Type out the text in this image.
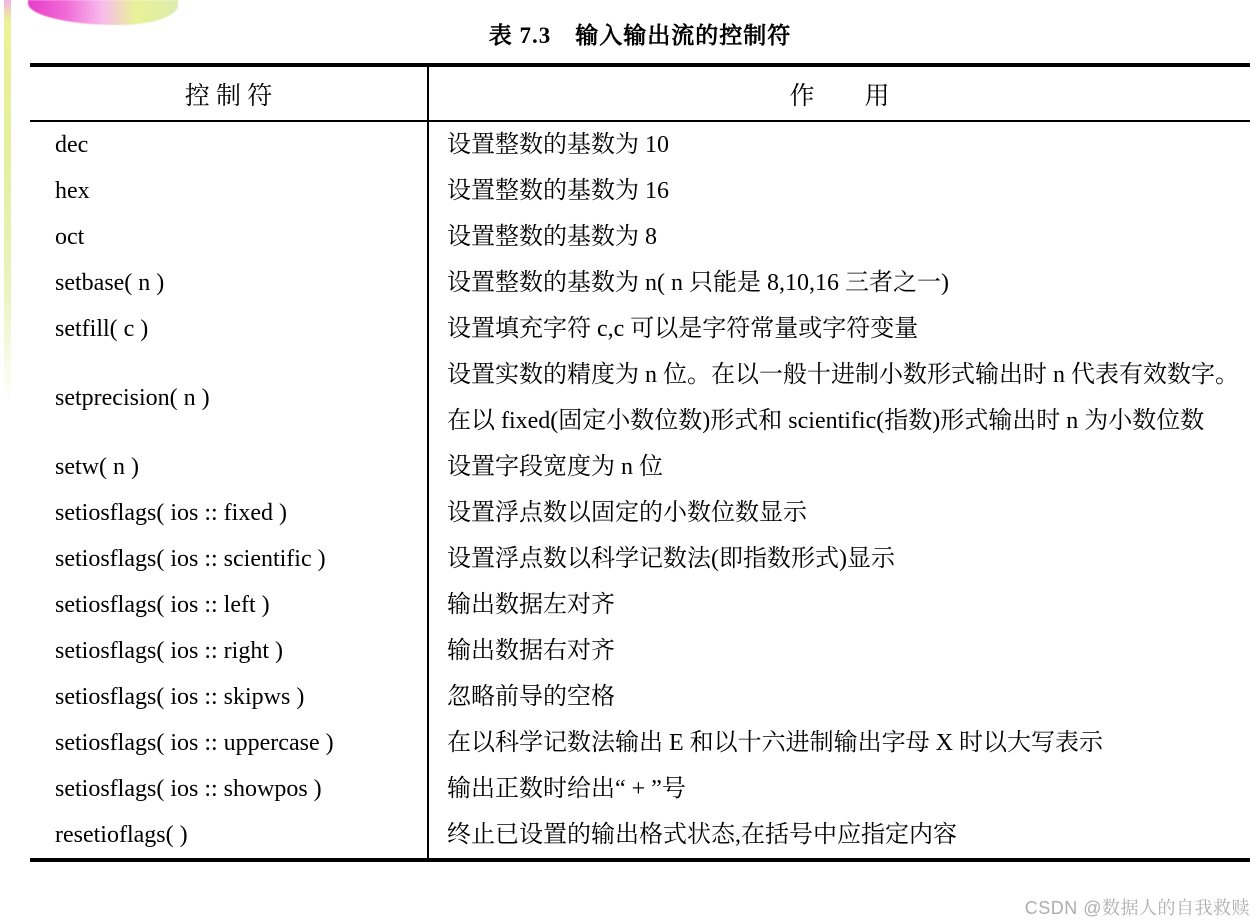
表 7.3　输入输出流的控制符
控 制 符	作　　用
dec	设置整数的基数为 10
hex	设置整数的基数为 16
oct	设置整数的基数为 8
setbase( n )	设置整数的基数为 n( n 只能是 8,10,16 三者之一)
setfill( c )	设置填充字符 c,c 可以是字符常量或字符变量
setprecision( n )	设置实数的精度为 n 位。在以一般十进制小数形式输出时 n 代表有效数字。在以 fixed(固定小数位数)形式和 scientific(指数)形式输出时 n 为小数位数
setw( n )	设置字段宽度为 n 位
setiosflags( ios :: fixed )	设置浮点数以固定的小数位数显示
setiosflags( ios :: scientific )	设置浮点数以科学记数法(即指数形式)显示
setiosflags( ios :: left )	输出数据左对齐
setiosflags( ios :: right )	输出数据右对齐
setiosflags( ios :: skipws )	忽略前导的空格
setiosflags( ios :: uppercase )	在以科学记数法输出 E 和以十六进制输出字母 X 时以大写表示
setiosflags( ios :: showpos )	输出正数时给出“ + ”号
resetioflags( )	终止已设置的输出格式状态,在括号中应指定内容
CSDN @数据人的自我救赎
